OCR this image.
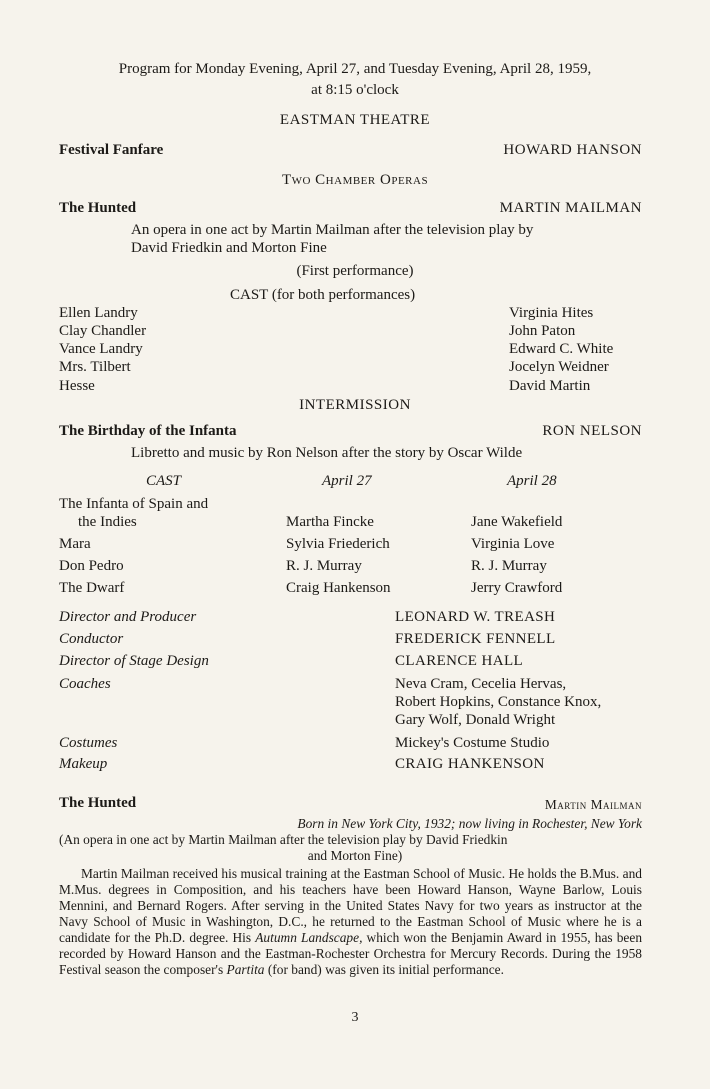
Program for Monday Evening, April 27, and Tuesday Evening, April 28, 1959,
at 8:15 o'clock
EASTMAN THEATRE
Festival Fanfare	HOWARD HANSON
Two Chamber Operas
The Hunted	MARTIN MAILMAN
An opera in one act by Martin Mailman after the television play by
David Friedkin and Morton Fine
(First performance)
CAST (for both performances)
Ellen Landry	Virginia Hites
Clay Chandler	John Paton
Vance Landry	Edward C. White
Mrs. Tilbert	Jocelyn Weidner
Hesse	David Martin
INTERMISSION
The Birthday of the Infanta	RON NELSON
Libretto and music by Ron Nelson after the story by Oscar Wilde
CAST	April 27	April 28
The Infanta of Spain and
the Indies	Martha Fincke	Jane Wakefield
Mara	Sylvia Friederich	Virginia Love
Don Pedro	R. J. Murray	R. J. Murray
The Dwarf	Craig Hankenson	Jerry Crawford
Director and Producer	LEONARD W. TREASH
Conductor	FREDERICK FENNELL
Director of Stage Design	CLARENCE HALL
Coaches	Neva Cram, Cecelia Hervas,
Robert Hopkins, Constance Knox,
Gary Wolf, Donald Wright
Costumes	Mickey's Costume Studio
Makeup	CRAIG HANKENSON
The Hunted	Martin Mailman
Born in New York City, 1932; now living in Rochester, New York
(An opera in one act by Martin Mailman after the television play by David Friedkin
and Morton Fine)

Martin Mailman received his musical training at the Eastman School of Music. He holds the B.Mus. and M.Mus. degrees in Composition, and his teachers have been Howard Hanson, Wayne Barlow, Louis Mennini, and Bernard Rogers. After serving in the United States Navy for two years as instructor at the Navy School of Music in Washington, D.C., he returned to the Eastman School of Music where he is a candidate for the Ph.D. degree. His Autumn Landscape, which won the Benjamin Award in 1955, has been recorded by Howard Hanson and the Eastman-Rochester Orchestra for Mercury Records. During the 1958 Festival season the composer's Partita (for band) was given its initial performance.

3
